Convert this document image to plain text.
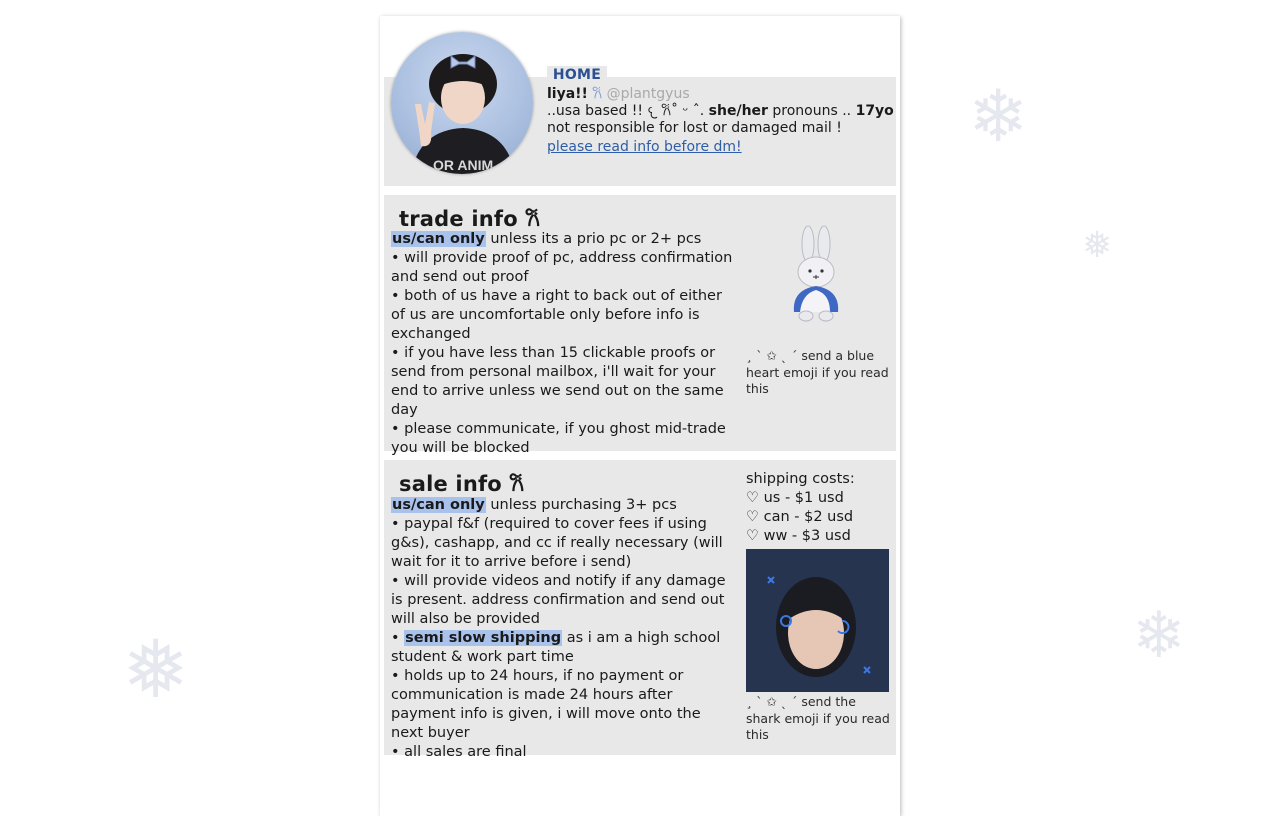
❄
❅
❄
❅
OR ANIM
HOME
liya!! 𐙚 @plantgyus
..usa based !! 𐔌 𐙚˚ ᵕ ˆ. she/her pronouns .. 17yo
not responsible for lost or damaged mail !
please read info before dm!
trade info 𐙚
us/can only unless its a prio pc or 2+ pcs
• will provide proof of pc, address confirmation and send out proof
• both of us have a right to back out of either of us are uncomfortable only before info is exchanged
• if you have less than 15 clickable proofs or send from personal mailbox, i'll wait for your end to arrive unless we send out on the same day
• please communicate, if you ghost mid-trade you will be blocked
¸ ˋ ✩ ˎ ˊ send a blue heart emoji if you read this
sale info 𐙚
us/can only unless purchasing 3+ pcs
• paypal f&f (required to cover fees if using g&s), cashapp, and cc if really necessary (will wait for it to arrive before i send)
• will provide videos and notify if any damage is present. address confirmation and send out will also be provided
• semi slow shipping as i am a high school student & work part time
• holds up to 24 hours, if no payment or communication is made 24 hours after payment info is given, i will move onto the next buyer
• all sales are final
shipping costs:
♡ us - $1 usd
♡ can - $2 usd
♡ ww - $3 usd
¸ ˋ ✩ ˎ ˊ send the shark emoji if you read this
